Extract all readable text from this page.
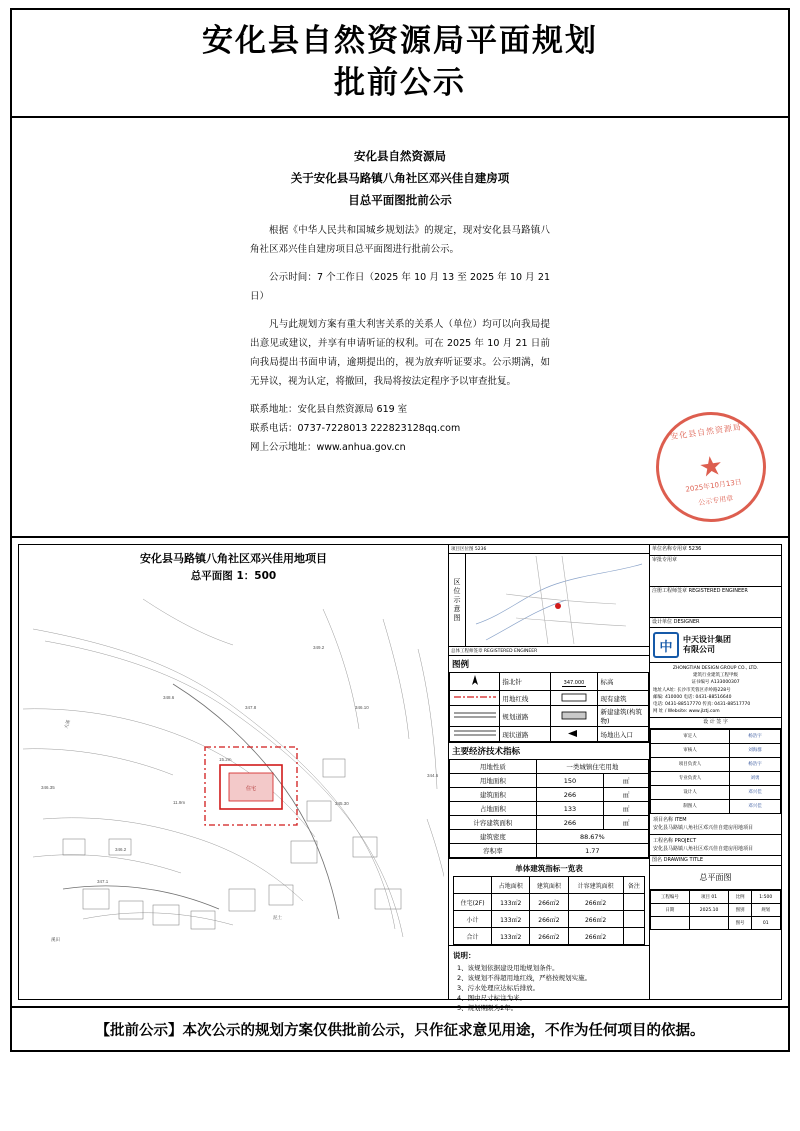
安化县自然资源局平面规划
批前公示
安化县自然资源局
关于安化县马路镇八角社区邓兴佳自建房项
目总平面图批前公示

根据《中华人民共和国城乡规划法》的规定，现对安化县马路镇八角社区邓兴佳自建房项目总平面图进行批前公示。

公示时间：7 个工作日（2025 年 10 月 13 至 2025 年 10 月 21 日）

凡与此规划方案有重大利害关系的关系人（单位）均可以向我局提出意见或建议，并享有申请听证的权利。可在 2025 年 10 月 21 日前向我局提出书面申请，逾期提出的，视为放弃听证要求。公示期满，如无异议，视为认定，将撤回，我局将按法定程序予以审查批复。

联系地址：安化县自然资源局 619 室

联系电话：0737-7228013 222823128qq.com

网上公示地址：www.anhua.gov.cn

安化县自然资源局
★
2025年10月13日
公示专用章
安化县马路镇八角社区邓兴佳用地项目
总平面图 1：500
住宅
大溪
11.9m
溪田
15.2m
346.10
345.30
泥土
346.2
347.1
348.6
347.8
349.2
344.6
346.35
项目区位图 5236
区位示意图
总体工程师签章 REGISTERED ENGINEER
图例
	指北针	347.000	标高
	用地红线		现有建筑
	规划道路		新建建筑(构筑物)
	现状道路		场地出入口
主要经济技术指标
用地性质	一类城镇住宅用地	
用地面积	150	㎡
建筑面积	266	㎡
占地面积	133	㎡
计容建筑面积	266	㎡
建筑密度	88.67%	
容积率	1.77	
单体建筑指标一览表
	占地面积	建筑面积	计容建筑面积	备注
住宅(2F)	133㎡2	266㎡2	266㎡2	
小计	133㎡2	266㎡2	266㎡2	
合计	133㎡2	266㎡2	266㎡2	
说明：
1、该规划依据建设用地规划条件。
2、该规划不得超用地红线，严格按规划实施。
3、污水处理应达标后排放。
4、图中尺寸标注为米。
5、规划期限为2年。
单位名称专用章 5236
审批专用章
注册工程师签章 REGISTERED ENGINEER
设计单位 DESIGNER
中
中天设计集团
有限公司
ZHONGTIAN DESIGN GROUP CO., LTD.
建筑行业建筑工程甲级
证书编号 A133000307
地址人A址: 长沙市芙蓉区赤岭路228号
邮编: 410000 电话: 0431-88516640
电话: 0431-88517770 传真: 0431-88517770
网 址 / Website: www.jlztj.com
设 计 签 字
审定人	杨浩宇
审核人	刘海群
项目负责人	杨浩宇
专业负责人	刘勇
设计人	邓兴佳
制图人	邓兴佳
项目名称 ITEM
安化县马路镇八角社区邓兴佳自建房用地项目
工程名称 PROJECT
安化县马路镇八角社区邓兴佳自建房用地项目
图名 DRAWING TITLE
总平面图
工程编号	项目 01	比例	1:500
日期	2025.10	图别	规划
		图号	01
【批前公示】本次公示的规划方案仅供批前公示，只作征求意见用途，不作为任何项目的依据。
